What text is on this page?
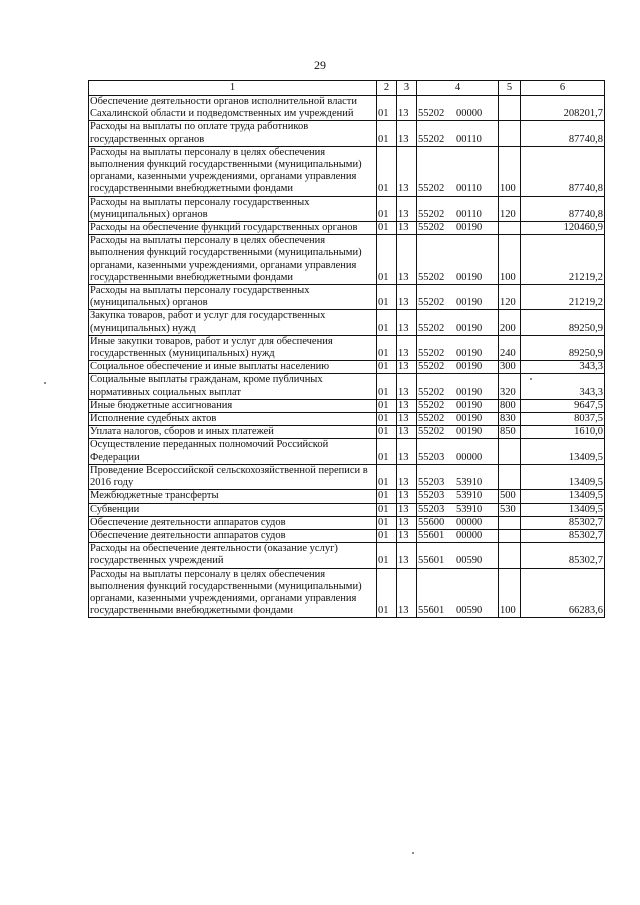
29
1	2	3	4	5	6
Обеспечение деятельности органов исполнительной власти Сахалинской области и подведомственных им учреждений	01	13	55202 00000		208201,7
Расходы на выплаты по оплате труда работников государственных органов	01	13	55202 00110		87740,8
Расходы на выплаты персоналу в целях обеспечения выполнения функций государственными (муниципальными) органами, казенными учреждениями, органами управления государственными внебюджетными фондами	01	13	55202 00110	100	87740,8
Расходы на выплаты персоналу государственных (муниципальных) органов	01	13	55202 00110	120	87740,8
Расходы на обеспечение функций государственных органов	01	13	55202 00190		120460,9
Расходы на выплаты персоналу в целях обеспечения выполнения функций государственными (муниципальными) органами, казенными учреждениями, органами управления государственными внебюджетными фондами	01	13	55202 00190	100	21219,2
Расходы на выплаты персоналу государственных (муниципальных) органов	01	13	55202 00190	120	21219,2
Закупка товаров, работ и услуг для государственных (муниципальных) нужд	01	13	55202 00190	200	89250,9
Иные закупки товаров, работ и услуг для обеспечения государственных (муниципальных) нужд	01	13	55202 00190	240	89250,9
Социальное обеспечение и иные выплаты населению	01	13	55202 00190	300	343,3
Социальные выплаты гражданам, кроме публичных нормативных социальных выплат	01	13	55202 00190	320	343,3
Иные бюджетные ассигнования	01	13	55202 00190	800	9647,5
Исполнение судебных актов	01	13	55202 00190	830	8037,5
Уплата налогов, сборов и иных платежей	01	13	55202 00190	850	1610,0
Осуществление переданных полномочий Российской Федерации	01	13	55203 00000		13409,5
Проведение Всероссийской сельскохозяйственной переписи в 2016 году	01	13	55203 53910		13409,5
Межбюджетные трансферты	01	13	55203 53910	500	13409,5
Субвенции	01	13	55203 53910	530	13409,5
Обеспечение деятельности аппаратов судов	01	13	55600 00000		85302,7
Обеспечение деятельности аппаратов судов	01	13	55601 00000		85302,7
Расходы на обеспечение деятельности (оказание услуг) государственных учреждений	01	13	55601 00590		85302,7
Расходы на выплаты персоналу в целях обеспечения выполнения функций государственными (муниципальными) органами, казенными учреждениями, органами управления государственными внебюджетными фондами	01	13	55601 00590	100	66283,6
